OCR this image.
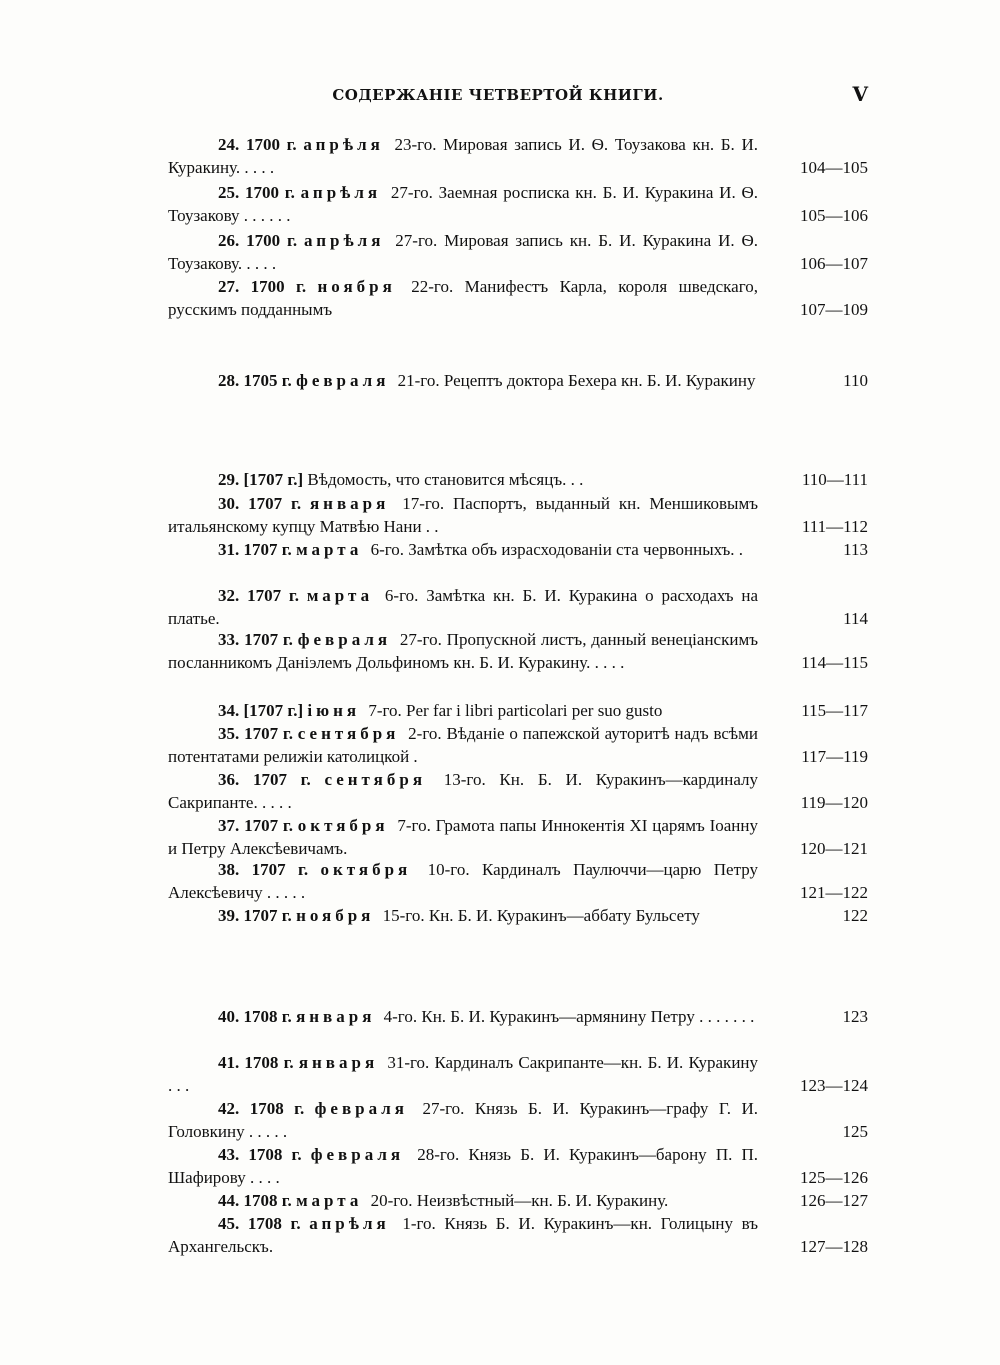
СОДЕРЖАНІЕ ЧЕТВЕРТОЙ КНИГИ.	V
24. 1700 г. апрѣля 23-го. Мировая запись И. Ѳ. Тоузакова кн. Б. И. Куракину. . . . .	104—105
25. 1700 г. апрѣля 27-го. Заемная росписка кн. Б. И. Куракина И. Ѳ. Тоузакову . . . . . .	105—106
26. 1700 г. апрѣля 27-го. Мировая запись кн. Б. И. Куракина И. Ѳ. Тоузакову. . . . .	106—107
27. 1700 г. ноября 22-го. Манифестъ Карла, короля шведскаго, русскимъ подданнымъ	107—109
28. 1705 г. февраля 21-го. Рецептъ доктора Бехера кн. Б. И. Куракину	110
29. [1707 г.] Вѣдомость, что становится мѣсяцъ. . .	110—111
30. 1707 г. января 17-го. Паспортъ, выданный кн. Меншиковымъ итальянскому купцу Матвѣю Нани . .	111—112
31. 1707 г. марта 6-го. Замѣтка объ израсходованіи ста червонныхъ. .	113
32. 1707 г. марта 6-го. Замѣтка кн. Б. И. Куракина о расходахъ на платье.	114
33. 1707 г. февраля 27-го. Пропускной листъ, данный венеціанскимъ посланникомъ Даніэлемъ Дольфиномъ кн. Б. И. Куракину. . . . .	114—115
34. [1707 г.] іюня 7-го. Per far i libri particolari per suo gusto	115—117
35. 1707 г. сентября 2-го. Вѣданіе о папежской ауторитѣ надъ всѣми потентатами релижіи католицкой .	117—119
36. 1707 г. сентября 13-го. Кн. Б. И. Куракинъ—кардиналу Сакрипанте. . . . .	119—120
37. 1707 г. октября 7-го. Грамота папы Иннокентія XI царямъ Іоанну и Петру Алексѣевичамъ.	120—121
38. 1707 г. октября 10-го. Кардиналъ Паулюччи—царю Петру Алексѣевичу . . . . .	121—122
39. 1707 г. ноября 15-го. Кн. Б. И. Куракинъ—аббату Бульсету	122
40. 1708 г. января 4-го. Кн. Б. И. Куракинъ—армянину Петру . . . . . . .	123
41. 1708 г. января 31-го. Кардиналъ Сакрипанте—кн. Б. И. Куракину . . .	123—124
42. 1708 г. февраля 27-го. Князь Б. И. Куракинъ—графу Г. И. Головкину . . . . .	125
43. 1708 г. февраля 28-го. Князь Б. И. Куракинъ—барону П. П. Шафирову . . . .	125—126
44. 1708 г. марта 20-го. Неизвѣстный—кн. Б. И. Куракину.	126—127
45. 1708 г. апрѣля 1-го. Князь Б. И. Куракинъ—кн. Голицыну въ Архангельскъ.	127—128
